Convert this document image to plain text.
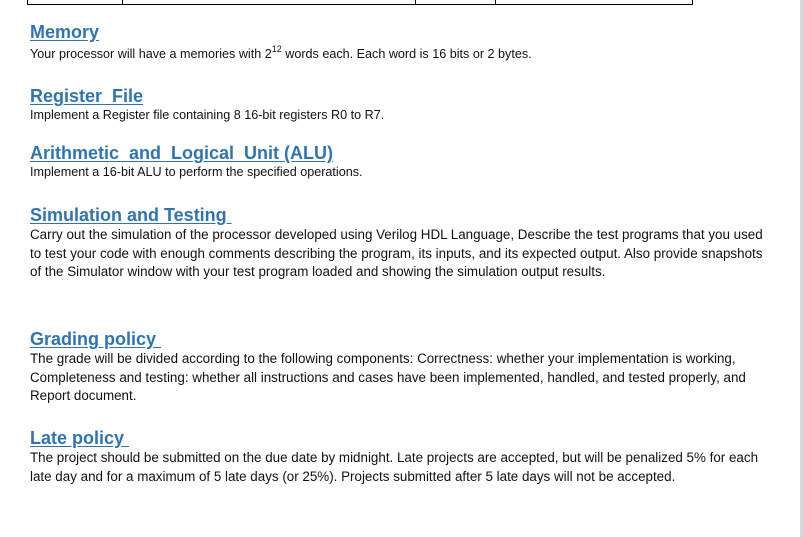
Memory

Your processor will have a memories with $2^{12}$ words each. Each word is 16 bits or 2 bytes.

Register  File

Implement a Register file containing 8 16-bit registers R0 to R7.

Arithmetic  and  Logical  Unit (ALU)

Implement a 16-bit ALU to perform the specified operations.

Simulation and Testing

Carry out the simulation of the processor developed using Verilog HDL Language, Describe the test programs that you used to test your code with enough comments describing the program, its inputs, and its expected output. Also provide snapshots of the Simulator window with your test program loaded and showing the simulation output results.

Grading policy

The grade will be divided according to the following components: Correctness: whether your implementation is working, Completeness and testing: whether all instructions and cases have been implemented, handled, and tested properly, and Report document.

Late policy

The project should be submitted on the due date by midnight. Late projects are accepted, but will be penalized 5% for each late day and for a maximum of 5 late days (or 25%). Projects submitted after 5 late days will not be accepted.
